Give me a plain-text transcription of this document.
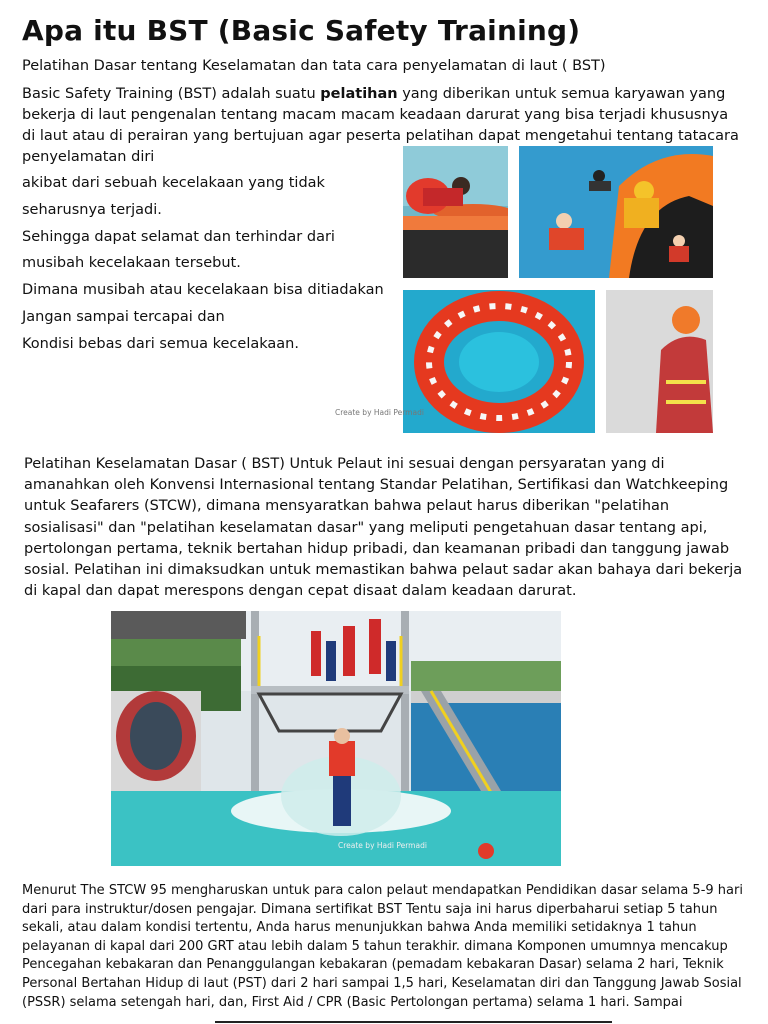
Apa itu BST (Basic Safety Training)
Pelatihan Dasar tentang Keselamatan dan tata cara penyelamatan di laut ( BST)
Basic Safety Training (BST) adalah suatu pelatihan yang diberikan untuk semua karyawan yang bekerja di laut pengenalan tentang macam macam keadaan darurat yang bisa terjadi khususnya di laut atau di perairan yang bertujuan agar peserta pelatihan dapat mengetahui tentang tatacara penyelamatan diri
akibat dari sebuah kecelakaan yang tidak
seharusnya terjadi.
Sehingga dapat selamat dan terhindar dari
musibah kecelakaan tersebut.
Dimana musibah atau kecelakaan bisa ditiadakan
Jangan sampai tercapai dan
Kondisi bebas dari semua kecelakaan.
Create by Hadi Permadi
Pelatihan Keselamatan Dasar ( BST) Untuk Pelaut ini sesuai dengan persyaratan yang di amanahkan oleh Konvensi Internasional tentang Standar Pelatihan, Sertifikasi dan Watchkeeping untuk Seafarers (STCW), dimana mensyaratkan bahwa pelaut harus diberikan "pelatihan sosialisasi" dan "pelatihan keselamatan dasar" yang meliputi pengetahuan dasar tentang api, pertolongan pertama, teknik bertahan hidup pribadi, dan keamanan pribadi dan tanggung jawab sosial. Pelatihan ini dimaksudkan untuk memastikan bahwa pelaut sadar akan bahaya dari bekerja di kapal dan dapat merespons dengan cepat disaat dalam keadaan darurat.
Create by Hadi Permadi
Menurut The STCW 95 mengharuskan untuk para calon pelaut mendapatkan Pendidikan dasar selama 5-9 hari dari para instruktur/dosen pengajar. Dimana sertifikat BST Tentu saja ini harus diperbaharui setiap 5 tahun sekali, atau dalam kondisi tertentu, Anda harus menunjukkan bahwa Anda memiliki setidaknya 1 tahun pelayanan di kapal dari 200 GRT atau lebih dalam 5 tahun terakhir. dimana Komponen umumnya mencakup Pencegahan kebakaran dan Penanggulangan kebakaran (pemadam kebakaran Dasar) selama 2 hari, Teknik Personal Bertahan Hidup di laut (PST) dari 2 hari sampai 1,5 hari, Keselamatan diri dan Tanggung Jawab Sosial (PSSR) selama setengah hari, dan, First Aid / CPR (Basic Pertolongan pertama) selama 1 hari. Sampai
